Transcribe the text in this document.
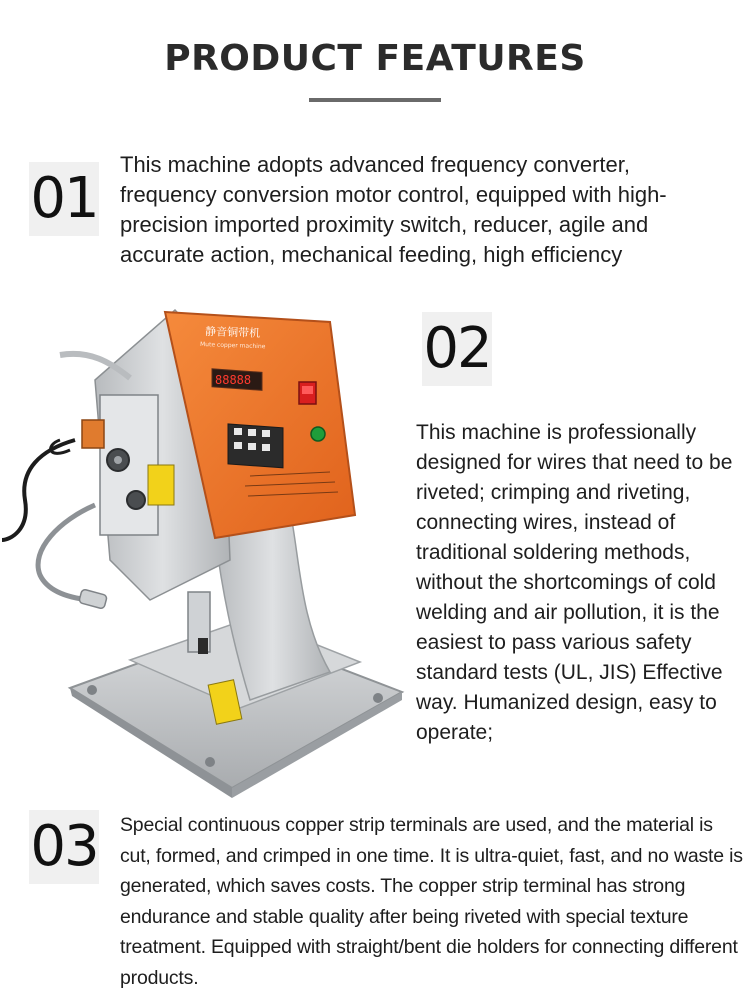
PRODUCT FEATURES
01
This machine adopts advanced frequency converter, frequency conversion motor control, equipped with high-precision imported proximity switch, reducer, agile and accurate action, mechanical feeding, high efficiency
02
This machine is professionally designed for wires that need to be riveted; crimping and riveting, connecting wires, instead of traditional soldering methods, without the shortcomings of cold welding and air pollution, it is the easiest to pass various safety standard tests (UL, JIS) Effective way. Humanized design, easy to operate;
03 Special continuous copper strip terminals are used, and the material is cut, formed, and crimped in one time. It is ultra-quiet, fast, and no waste is generated, which saves costs. The copper strip terminal has strong endurance and stable quality after being riveted with special texture treatment. Equipped with straight/bent die holders for connecting different products.
静音铜带机
Mute copper machine
88888
